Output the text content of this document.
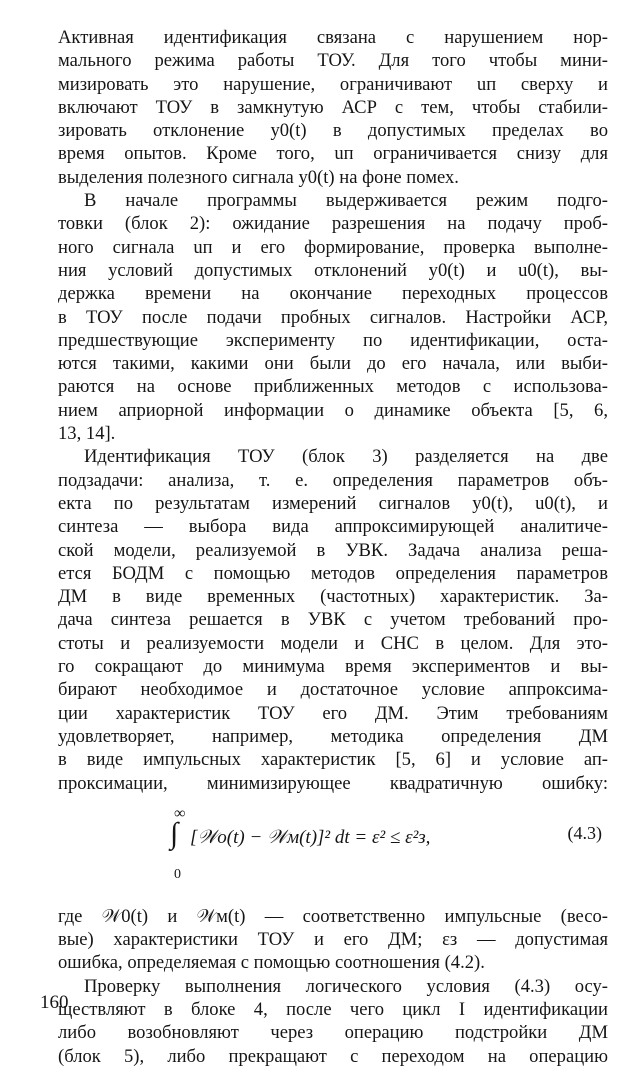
Активная идентификация связана с нарушением нор-
мального режима работы ТОУ. Для того чтобы мини-
мизировать это нарушение, ограничивают uп сверху и
включают ТОУ в замкнутую АСР с тем, чтобы стабили-
зировать отклонение y0(t) в допустимых пределах во
время опытов. Кроме того, uп ограничивается снизу для
выделения полезного сигнала y0(t) на фоне помех.
В начале программы выдерживается режим подго-
товки (блок 2): ожидание разрешения на подачу проб-
ного сигнала uп и его формирование, проверка выполне-
ния условий допустимых отклонений y0(t) и u0(t), вы-
держка времени на окончание переходных процессов
в ТОУ после подачи пробных сигналов. Настройки АСР,
предшествующие эксперименту по идентификации, оста-
ются такими, какими они были до его начала, или выби-
раются на основе приближенных методов с использова-
нием априорной информации о динамике объекта [5, 6,
13, 14].
Идентификация ТОУ (блок 3) разделяется на две
подзадачи: анализа, т. е. определения параметров объ-
екта по результатам измерений сигналов y0(t), u0(t), и
синтеза — выбора вида аппроксимирующей аналитиче-
ской модели, реализуемой в УВК. Задача анализа реша-
ется БОДМ с помощью методов определения параметров
ДМ в виде временных (частотных) характеристик. За-
дача синтеза решается в УВК с учетом требований про-
стоты и реализуемости модели и СНС в целом. Для это-
го сокращают до минимума время экспериментов и вы-
бирают необходимое и достаточное условие аппроксима-
ции характеристик ТОУ его ДМ. Этим требованиям
удовлетворяет, например, методика определения ДМ
в виде импульсных характеристик [5, 6] и условие ап-
проксимации, минимизирующее квадратичную ошибку:
∞
∫
0
[𝒲o(t) − 𝒲м(t)]² dt = ε² ≤ ε²з,	(4.3)
где 𝒲0(t) и 𝒲м(t) — соответственно импульсные (весо-
вые) характеристики ТОУ и его ДМ; εз — допустимая
ошибка, определяемая с помощью соотношения (4.2).
Проверку выполнения логического условия (4.3) осу-
ществляют в блоке 4, после чего цикл I идентификации
либо возобновляют через операцию подстройки ДМ
(блок 5), либо прекращают с переходом на операцию
160
